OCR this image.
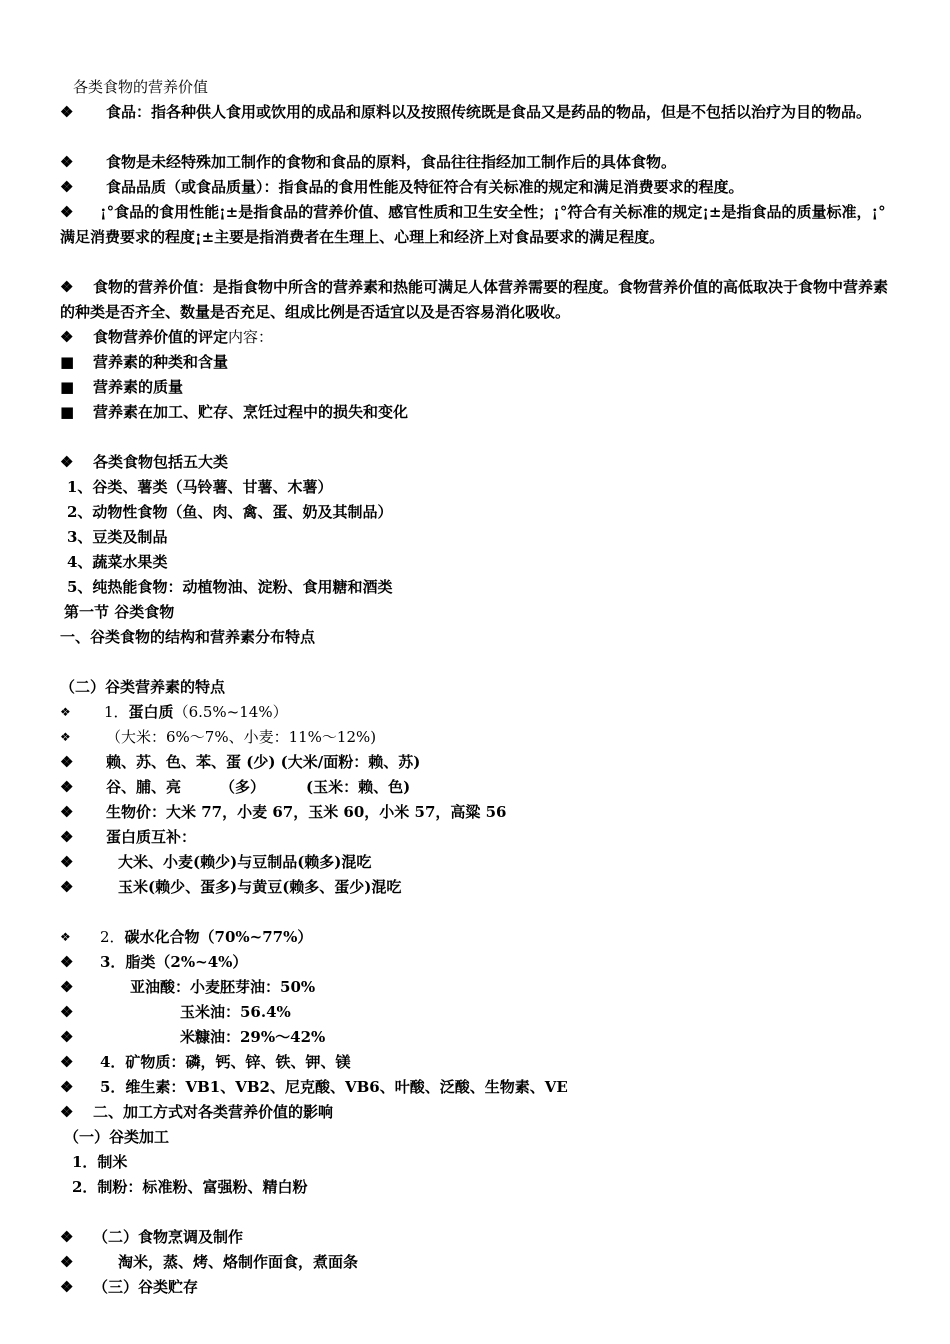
各类食物的营养价值
❖	食品：指各种供人食用或饮用的成品和原料以及按照传统既是食品又是药品的物品，但是不包括以治疗为目的物品。
❖ 食物是未经特殊加工制作的食物和食品的原料，食品往往指经加工制作后的具体食物。
❖ 食品品质（或食品质量）：指食品的食用性能及特征符合有关标准的规定和满足消费要求的程度。
❖	¡°食品的食用性能¡±是指食品的营养价值、感官性质和卫生安全性；¡°符合有关标准的规定¡±是指食品的质量标准，¡°满足消费要求的程度¡±主要是指消费者在生理上、心理上和经济上对食品要求的满足程度。
❖	食物的营养价值：是指食物中所含的营养素和热能可满足人体营养需要的程度。食物营养价值的高低取决于食物中营养素的种类是否齐全、数量是否充足、组成比例是否适宜以及是否容易消化吸收。
❖ 食物营养价值的评定内容：
■ 营养素的种类和含量
■ 营养素的质量
■ 营养素在加工、贮存、烹饪过程中的损失和变化
❖ 各类食物包括五大类
1、谷类、薯类（马铃薯、甘薯、木薯）
2、动物性食物（鱼、肉、禽、蛋、奶及其制品）
3、豆类及制品
4、蔬菜水果类
5、纯热能食物：动植物油、淀粉、食用糖和酒类
第一节 谷类食物
一、谷类食物的结构和营养素分布特点
（二）谷类营养素的特点
❖ 1．蛋白质（6.5%~14%）
❖ （大米：6%～7%、小麦：11%～12%)
❖ 赖、苏、色、苯、蛋 (少) (大米/面粉：赖、苏)
❖ 谷、脯、亮	（多）	(玉米：赖、色)
❖ 生物价：大米 77，小麦 67，玉米 60，小米 57，高粱 56
❖ 蛋白质互补：
❖	大米、小麦(赖少)与豆制品(赖多)混吃
❖	玉米(赖少、蛋多)与黄豆(赖多、蛋少)混吃
❖ 2．碳水化合物（70%~77%）
❖ 3．脂类（2%~4%）
❖	亚油酸：小麦胚芽油：50%
❖	玉米油：56.4%
❖	米糠油：29%～42%
❖ 4．矿物质：磷，钙、锌、铁、钾、镁
❖ 5．维生素：VB1、VB2、尼克酸、VB6、叶酸、泛酸、生物素、VE
❖ 二、加工方式对各类营养价值的影响
（一）谷类加工
1．制米
2．制粉：标准粉、富强粉、精白粉
❖ （二）食物烹调及制作
❖	淘米，蒸、烤、烙制作面食，煮面条
❖ （三）谷类贮存
